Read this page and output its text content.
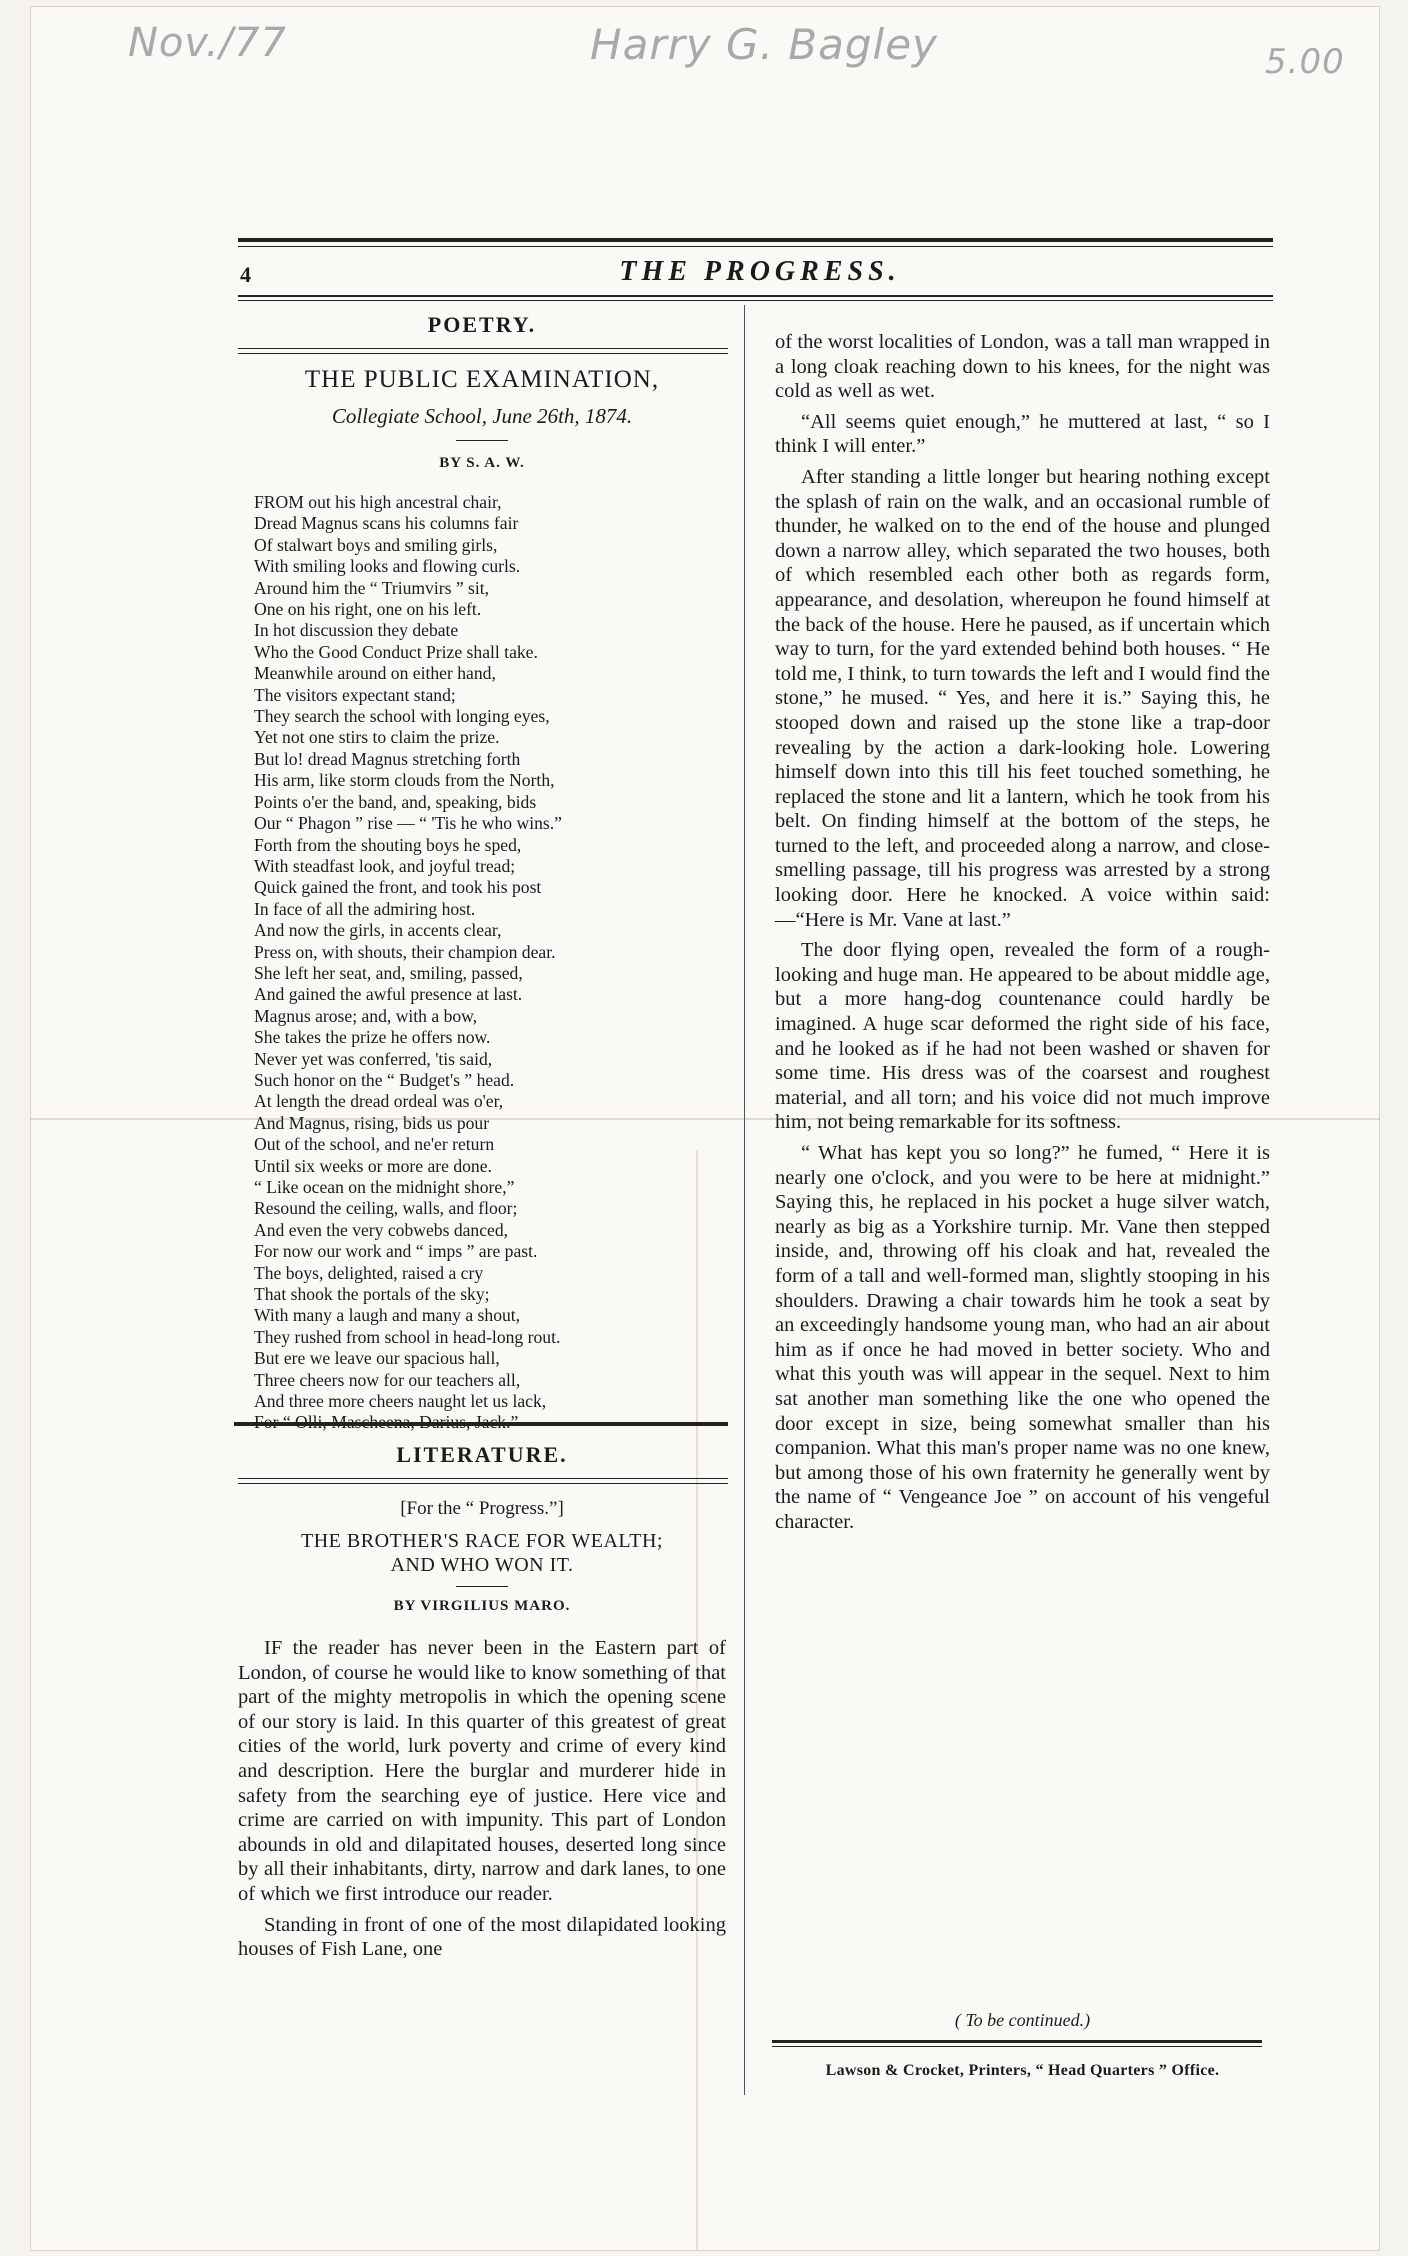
Nov./77	Harry G. Bagley	5.00
4	THE PROGRESS.
POETRY.
THE PUBLIC EXAMINATION,
Collegiate School, June 26th, 1874.
BY S. A. W.
FROM out his high ancestral chair,
Dread Magnus scans his columns fair
Of stalwart boys and smiling girls,
With smiling looks and flowing curls.
Around him the “ Triumvirs ” sit,
One on his right, one on his left.
In hot discussion they debate
Who the Good Conduct Prize shall take.
Meanwhile around on either hand,
The visitors expectant stand;
They search the school with longing eyes,
Yet not one stirs to claim the prize.
But lo! dread Magnus stretching forth
His arm, like storm clouds from the North,
Points o'er the band, and, speaking, bids
Our “ Phagon ” rise — “ 'Tis he who wins.”
Forth from the shouting boys he sped,
With steadfast look, and joyful tread;
Quick gained the front, and took his post
In face of all the admiring host.
And now the girls, in accents clear,
Press on, with shouts, their champion dear.
She left her seat, and, smiling, passed,
And gained the awful presence at last.
Magnus arose; and, with a bow,
She takes the prize he offers now.
Never yet was conferred, 'tis said,
Such honor on the “ Budget's ” head.
At length the dread ordeal was o'er,
And Magnus, rising, bids us pour
Out of the school, and ne'er return
Until six weeks or more are done.
“ Like ocean on the midnight shore,”
Resound the ceiling, walls, and floor;
And even the very cobwebs danced,
For now our work and “ imps ” are past.
The boys, delighted, raised a cry
That shook the portals of the sky;
With many a laugh and many a shout,
They rushed from school in head-long rout.
But ere we leave our spacious hall,
Three cheers now for our teachers all,
And three more cheers naught let us lack,
LITERATURE.
[For the “ Progress.”]
THE BROTHER'S RACE FOR WEALTH;
AND WHO WON IT.
BY VIRGILIUS MARO.

IF the reader has never been in the Eastern part of London, of course he would like to know something of that part of the mighty metropolis in which the opening scene of our story is laid. In this quarter of this greatest of great cities of the world, lurk poverty and crime of every kind and description. Here the burglar and murderer hide in safety from the searching eye of justice. Here vice and crime are carried on with impunity. This part of London abounds in old and dilapitated houses, deserted long since by all their inhabitants, dirty, narrow and dark lanes, to one of which we first introduce our reader.

Standing in front of one of the most dilapidated looking houses of Fish Lane, one

of the worst localities of London, was a tall man wrapped in a long cloak reaching down to his knees, for the night was cold as well as wet.

“All seems quiet enough,” he muttered at last, “ so I think I will enter.”

After standing a little longer but hearing nothing except the splash of rain on the walk, and an occasional rumble of thunder, he walked on to the end of the house and plunged down a narrow alley, which separated the two houses, both of which resembled each other both as regards form, appearance, and desolation, whereupon he found himself at the back of the house. Here he paused, as if uncertain which way to turn, for the yard extended behind both houses. “ He told me, I think, to turn towards the left and I would find the stone,” he mused. “ Yes, and here it is.” Saying this, he stooped down and raised up the stone like a trap-door revealing by the action a dark-looking hole. Lowering himself down into this till his feet touched something, he replaced the stone and lit a lantern, which he took from his belt. On finding himself at the bottom of the steps, he turned to the left, and proceeded along a narrow, and close-smelling passage, till his progress was arrested by a strong looking door. Here he knocked. A voice within said:—“Here is Mr. Vane at last.”

The door flying open, revealed the form of a rough-looking and huge man. He appeared to be about middle age, but a more hang-dog countenance could hardly be imagined. A huge scar deformed the right side of his face, and he looked as if he had not been washed or shaven for some time. His dress was of the coarsest and roughest material, and all torn; and his voice did not much improve him, not being remarkable for its softness.

“ What has kept you so long?” he fumed, “ Here it is nearly one o'clock, and you were to be here at midnight.” Saying this, he replaced in his pocket a huge silver watch, nearly as big as a Yorkshire turnip. Mr. Vane then stepped inside, and, throwing off his cloak and hat, revealed the form of a tall and well-formed man, slightly stooping in his shoulders. Drawing a chair towards him he took a seat by an exceedingly handsome young man, who had an air about him as if once he had moved in better society. Who and what this youth was will appear in the sequel. Next to him sat another man something like the one who opened the door except in size, being somewhat smaller than his companion. What this man's proper name was no one knew, but among those of his own fraternity he generally went by the name of “ Vengeance Joe ” on account of his vengeful character.

( To be continued.)
Lawson & Crocket, Printers, “ Head Quarters ” Office.
